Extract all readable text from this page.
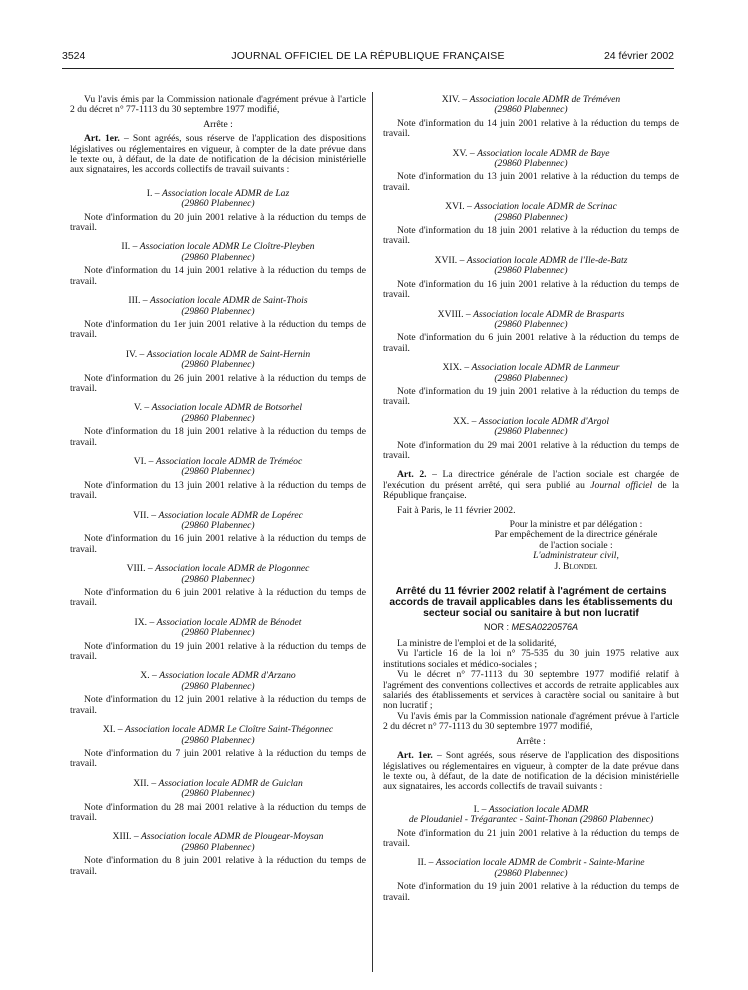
3524	JOURNAL OFFICIEL DE LA RÉPUBLIQUE FRANÇAISE	24 février 2002

Vu l'avis émis par la Commission nationale d'agrément prévue à l'article 2 du décret n° 77-1113 du 30 septembre 1977 modifié,

Arrête :

Art. 1er. – Sont agréés, sous réserve de l'application des dispositions législatives ou réglementaires en vigueur, à compter de la date prévue dans le texte ou, à défaut, de la date de notification de la décision ministérielle aux signataires, les accords collectifs de travail suivants :

I. – Association locale ADMR de Laz
(29860 Plabennec)

Note d'information du 20 juin 2001 relative à la réduction du temps de travail.

II. – Association locale ADMR Le Cloître-Pleyben
(29860 Plabennec)

Note d'information du 14 juin 2001 relative à la réduction du temps de travail.

III. – Association locale ADMR de Saint-Thois
(29860 Plabennec)

Note d'information du 1er juin 2001 relative à la réduction du temps de travail.

IV. – Association locale ADMR de Saint-Hernin
(29860 Plabennec)

Note d'information du 26 juin 2001 relative à la réduction du temps de travail.

V. – Association locale ADMR de Botsorhel
(29860 Plabennec)

Note d'information du 18 juin 2001 relative à la réduction du temps de travail.

VI. – Association locale ADMR de Tréméoc
(29860 Plabennec)

Note d'information du 13 juin 2001 relative à la réduction du temps de travail.

VII. – Association locale ADMR de Lopérec
(29860 Plabennec)

Note d'information du 16 juin 2001 relative à la réduction du temps de travail.

VIII. – Association locale ADMR de Plogonnec
(29860 Plabennec)

Note d'information du 6 juin 2001 relative à la réduction du temps de travail.

IX. – Association locale ADMR de Bénodet
(29860 Plabennec)

Note d'information du 19 juin 2001 relative à la réduction du temps de travail.

X. – Association locale ADMR d'Arzano
(29860 Plabennec)

Note d'information du 12 juin 2001 relative à la réduction du temps de travail.

XI. – Association locale ADMR Le Cloître Saint-Thégonnec
(29860 Plabennec)

Note d'information du 7 juin 2001 relative à la réduction du temps de travail.

XII. – Association locale ADMR de Guiclan
(29860 Plabennec)

Note d'information du 28 mai 2001 relative à la réduction du temps de travail.

XIII. – Association locale ADMR de Plougear-Moysan
(29860 Plabennec)

Note d'information du 8 juin 2001 relative à la réduction du temps de travail.

XIV. – Association locale ADMR de Tréméven
(29860 Plabennec)

Note d'information du 14 juin 2001 relative à la réduction du temps de travail.

XV. – Association locale ADMR de Baye
(29860 Plabennec)

Note d'information du 13 juin 2001 relative à la réduction du temps de travail.

XVI. – Association locale ADMR de Scrinac
(29860 Plabennec)

Note d'information du 18 juin 2001 relative à la réduction du temps de travail.

XVII. – Association locale ADMR de l'Ile-de-Batz
(29860 Plabennec)

Note d'information du 16 juin 2001 relative à la réduction du temps de travail.

XVIII. – Association locale ADMR de Brasparts
(29860 Plabennec)

Note d'information du 6 juin 2001 relative à la réduction du temps de travail.

XIX. – Association locale ADMR de Lanmeur
(29860 Plabennec)

Note d'information du 19 juin 2001 relative à la réduction du temps de travail.

XX. – Association locale ADMR d'Argol
(29860 Plabennec)

Note d'information du 29 mai 2001 relative à la réduction du temps de travail.

Art. 2. – La directrice générale de l'action sociale est chargée de l'exécution du présent arrêté, qui sera publié au Journal officiel de la République française.

Fait à Paris, le 11 février 2002.

Pour la ministre et par délégation :

Par empêchement de la directrice générale

de l'action sociale :

L'administrateur civil,

J. Blondel

Arrêté du 11 février 2002 relatif à l'agrément de certains accords de travail applicables dans les établissements du secteur social ou sanitaire à but non lucratif

NOR : MESA0220576A

La ministre de l'emploi et de la solidarité,

Vu l'article 16 de la loi n° 75-535 du 30 juin 1975 relative aux institutions sociales et médico-sociales ;

Vu le décret n° 77-1113 du 30 septembre 1977 modifié relatif à l'agrément des conventions collectives et accords de retraite applicables aux salariés des établissements et services à caractère social ou sanitaire à but non lucratif ;

Vu l'avis émis par la Commission nationale d'agrément prévue à l'article 2 du décret n° 77-1113 du 30 septembre 1977 modifié,

Arrête :

Art. 1er. – Sont agréés, sous réserve de l'application des dispositions législatives ou réglementaires en vigueur, à compter de la date prévue dans le texte ou, à défaut, de la date de notification de la décision ministérielle aux signataires, les accords collectifs de travail suivants :

I. – Association locale ADMR
de Ploudaniel - Trégarantec - Saint-Thonan (29860 Plabennec)

Note d'information du 21 juin 2001 relative à la réduction du temps de travail.

II. – Association locale ADMR de Combrit - Sainte-Marine
(29860 Plabennec)

Note d'information du 19 juin 2001 relative à la réduction du temps de travail.
